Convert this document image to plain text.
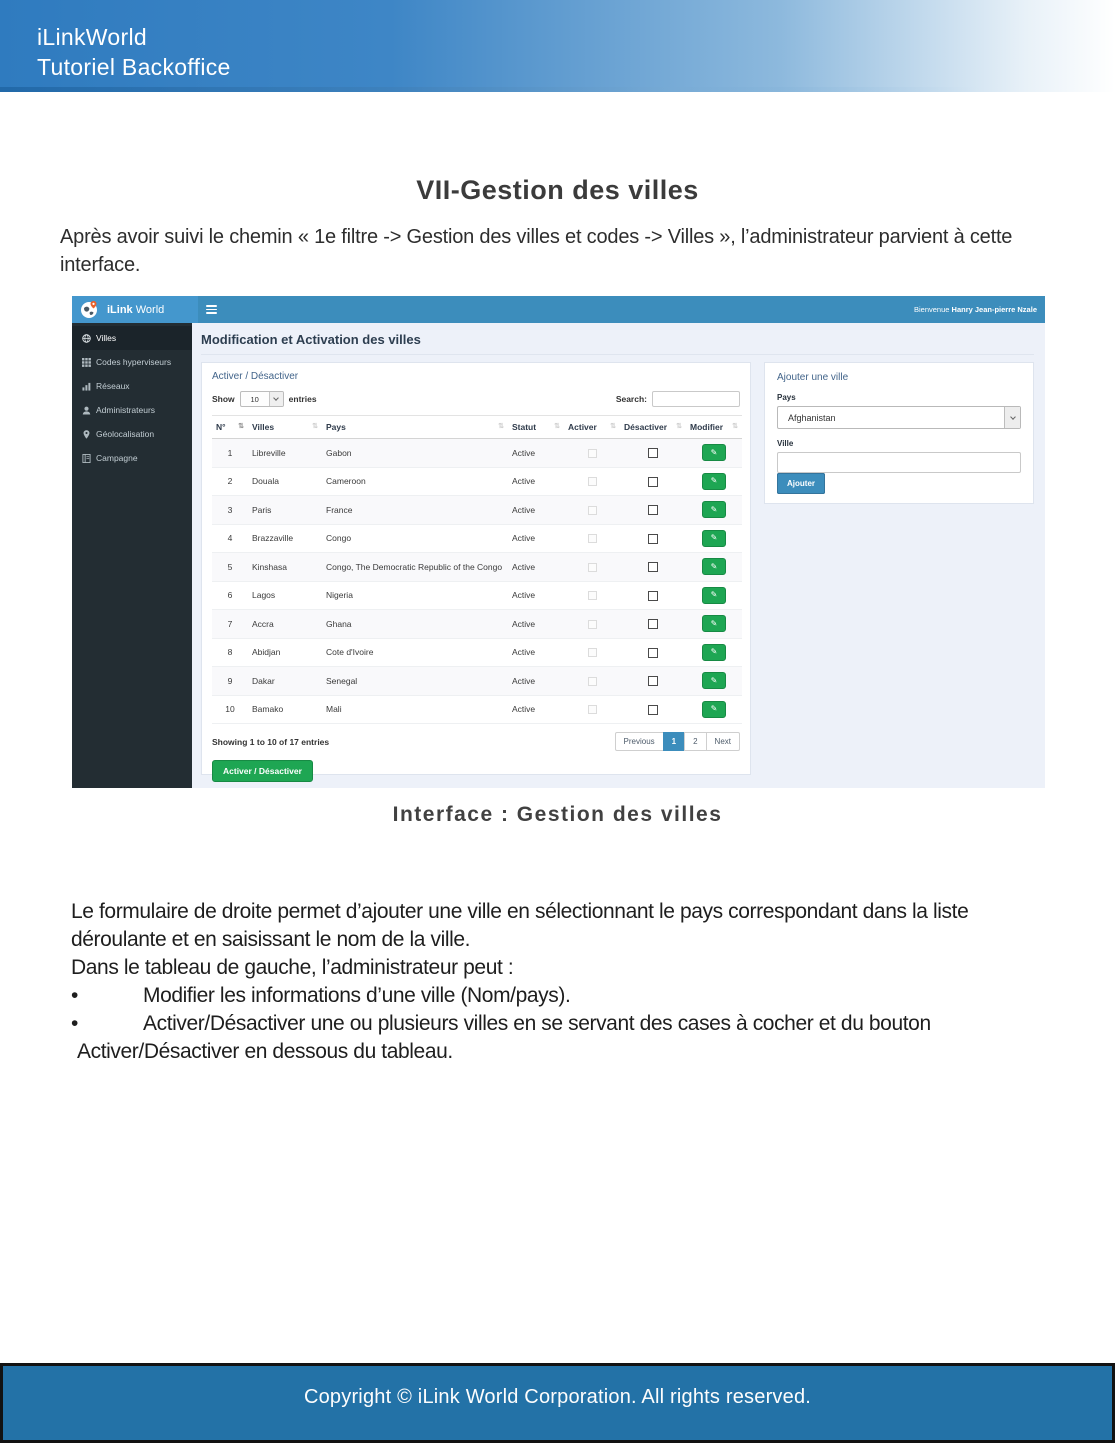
iLinkWorld
Tutoriel Backoffice
VII-Gestion des villes
Après avoir suivi le chemin « 1e filtre -> Gestion des villes et codes -> Villes », l’administrateur parvient à cette interface.
iLink World	Bienvenue Hanry Jean-pierre Nzale
Villes
Codes hyperviseurs
Réseaux
Administrateurs
Géolocalisation
Campagne
Modification et Activation des villes
Activer / Désactiver
Show	10	entries	Search:
N° ⇅	Villes ⇅	Pays ⇅	Statut ⇅	Activer ⇅	Désactiver ⇅	Modifier ⇅

1	Libreville	Gabon	Active			✎

2	Douala	Cameroon	Active			✎

3	Paris	France	Active			✎

4	Brazzaville	Congo	Active			✎

5	Kinshasa	Congo, The Democratic Republic of the Congo	Active			✎

6	Lagos	Nigeria	Active			✎

7	Accra	Ghana	Active			✎

8	Abidjan	Cote d'Ivoire	Active			✎

9	Dakar	Senegal	Active			✎

10	Bamako	Mali	Active			✎
Showing 1 to 10 of 17 entries	Previous	1	2	Next
Activer / Désactiver
Ajouter une ville
Pays
Afghanistan
Ville
Ajouter
Interface : Gestion des villes
Le formulaire de droite permet d’ajouter une ville en sélectionnant le pays correspondant dans la liste déroulante et en saisissant le nom de la ville.
Dans le tableau de gauche, l’administrateur peut :
•	Modifier les informations d’une ville (Nom/pays).
•	Activer/Désactiver une ou plusieurs villes en se servant des cases à cocher et du bouton
Activer/Désactiver en dessous du tableau.
Copyright © iLink World Corporation. All rights reserved.
